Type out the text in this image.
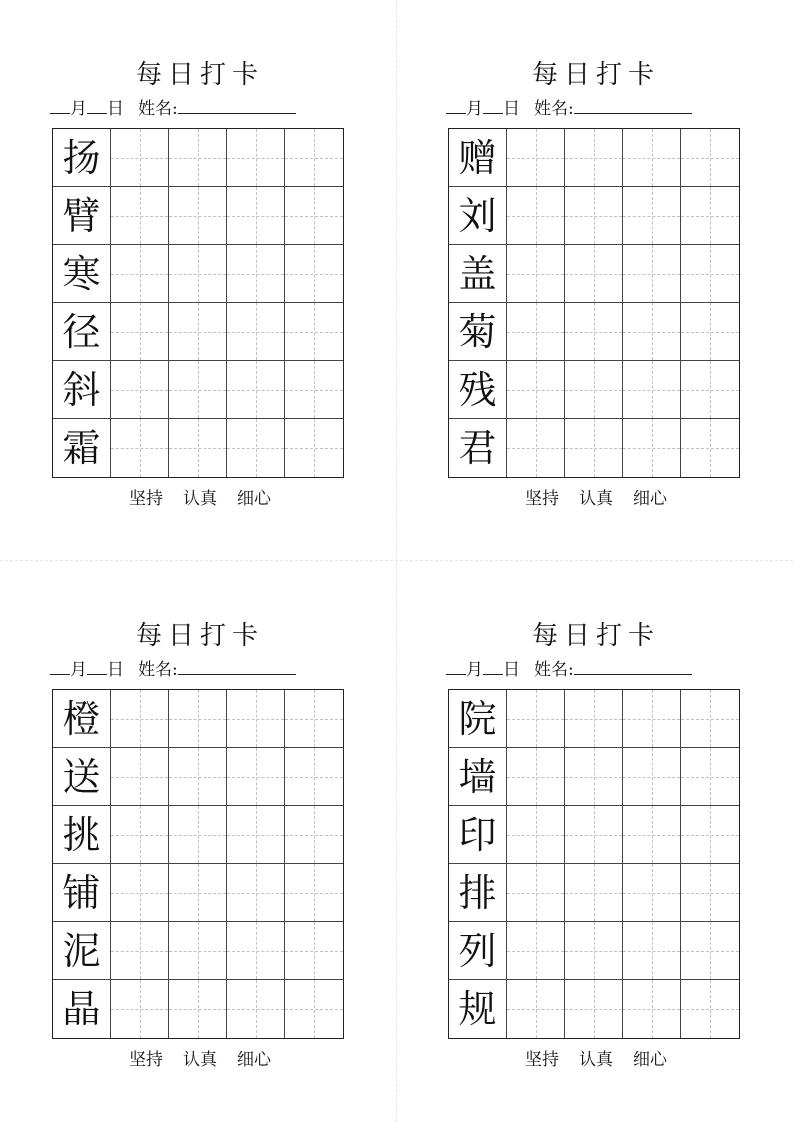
每日打卡
月 日 姓名:
扬
臂
寒
径
斜
霜
坚持 认真 细心
每日打卡
月 日 姓名:
赠
刘
盖
菊
残
君
坚持 认真 细心
每日打卡
月 日 姓名:
橙
送
挑
铺
泥
晶
坚持 认真 细心
每日打卡
月 日 姓名:
院
墙
印
排
列
规
坚持 认真 细心
